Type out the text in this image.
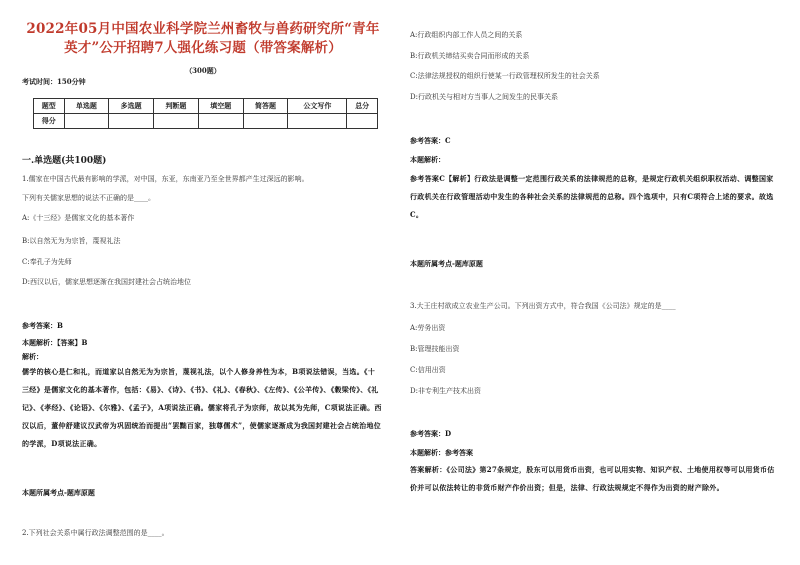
2022年05月中国农业科学院兰州畜牧与兽药研究所“青年英才”公开招聘7人强化练习题（带答案解析）
（300题）
考试时间：150分钟
题型	单选题	多选题	判断题	填空题	简答题	公文写作	总分
得分							
一.单选题(共100题)
1.儒家在中国古代最有影响的学派，对中国，东亚，东南亚乃至全世界都产生过深远的影响。
下列有关儒家思想的说法不正确的是____。
A:《十三经》是儒家文化的基本著作
B:以自然无为为宗旨，蔑视礼法
C:奉孔子为先师
D:西汉以后，儒家思想逐渐在我国封建社会占统治地位
参考答案：B
本题解析：【答案】B
解析：
儒学的核心是仁和礼，而道家以自然无为为宗旨，蔑视礼法，以个人修身养性为本，B项说法错误，当选。《十三经》是儒家文化的基本著作，包括：《易》、《诗》、《书》、《礼》、《春秋》、《左传》、《公羊传》、《穀梁传》、《礼记》、《孝经》、《论语》、《尔雅》、《孟子》，A项说法正确。儒家将孔子为宗师，故以其为先师，C项说法正确。西汉以后，董仲舒建议汉武帝为巩固统治而提出“罢黜百家，独尊儒术”，使儒家逐渐成为我国封建社会占统治地位的学派，D项说法正确。
本题所属考点-题库原题
2.下列社会关系中属行政法调整范围的是____。
A:行政组织内部工作人员之间的关系
B:行政机关缔结买卖合同而形成的关系
C:法律法规授权的组织行使某一行政管理权所发生的社会关系
D:行政机关与相对方当事人之间发生的民事关系
参考答案：C
本题解析：
参考答案C【解析】行政法是调整一定范围行政关系的法律规范的总称，是规定行政机关组织职权活动、调整国家行政机关在行政管理活动中发生的各种社会关系的法律规范的总称。四个选项中，只有C项符合上述的要求。故选C。
本题所属考点-题库原题
3.大王庄村欲成立农业生产公司。下列出资方式中，符合我国《公司法》规定的是____
A:劳务出资
B:管理技能出资
C:信用出资
D:非专利生产技术出资
参考答案：D
本题解析：参考答案
答案解析：《公司法》第27条规定，股东可以用货币出资，也可以用实物、知识产权、土地使用权等可以用货币估价并可以依法转让的非货币财产作价出资；但是，法律、行政法规规定不得作为出资的财产除外。
